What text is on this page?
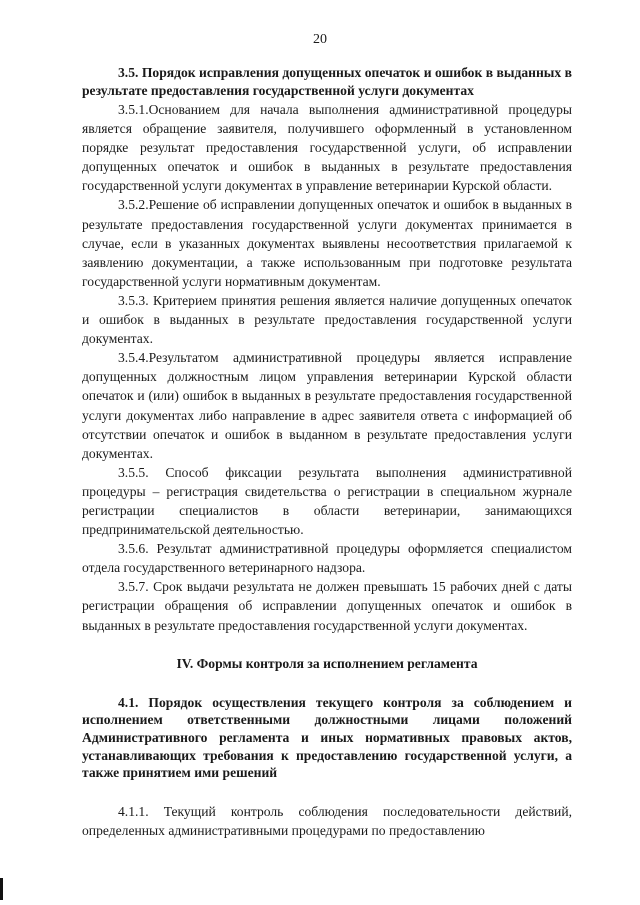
20
3.5. Порядок исправления допущенных опечаток и ошибок в выданных в результате предоставления государственной услуги документах

3.5.1.Основанием для начала выполнения административной процедуры является обращение заявителя, получившего оформленный в установленном порядке результат предоставления государственной услуги, об исправлении допущенных опечаток и ошибок в выданных в результате предоставления государственной услуги документах в управление ветеринарии Курской области.

3.5.2.Решение об исправлении допущенных опечаток и ошибок в выданных в результате предоставления государственной услуги документах принимается в случае, если в указанных документах выявлены несоответствия прилагаемой к заявлению документации, а также использованным при подготовке результата государственной услуги нормативным документам.

3.5.3. Критерием принятия решения является наличие допущенных опечаток и ошибок в выданных в результате предоставления государственной услуги документах.

3.5.4.Результатом административной процедуры является исправление допущенных должностным лицом управления ветеринарии Курской области опечаток и (или) ошибок в выданных в результате предоставления государственной услуги документах либо направление в адрес заявителя ответа с информацией об отсутствии опечаток и ошибок в выданном в результате предоставления услуги документах.

3.5.5. Способ фиксации результата выполнения административной процедуры – регистрация свидетельства о регистрации в специальном журнале регистрации специалистов в области ветеринарии, занимающихся предпринимательской деятельностью.

3.5.6. Результат административной процедуры оформляется специалистом отдела государственного ветеринарного надзора.

3.5.7. Срок выдачи результата не должен превышать 15 рабочих дней с даты регистрации обращения об исправлении допущенных опечаток и ошибок в выданных в результате предоставления государственной услуги документах.

IV. Формы контроля за исполнением регламента
4.1. Порядок осуществления текущего контроля за соблюдением и исполнением ответственными должностными лицами положений Административного регламента и иных нормативных правовых актов, устанавливающих требования к предоставлению государственной услуги, а также принятием ими решений

4.1.1. Текущий контроль соблюдения последовательности действий, определенных административными процедурами по предоставлению
